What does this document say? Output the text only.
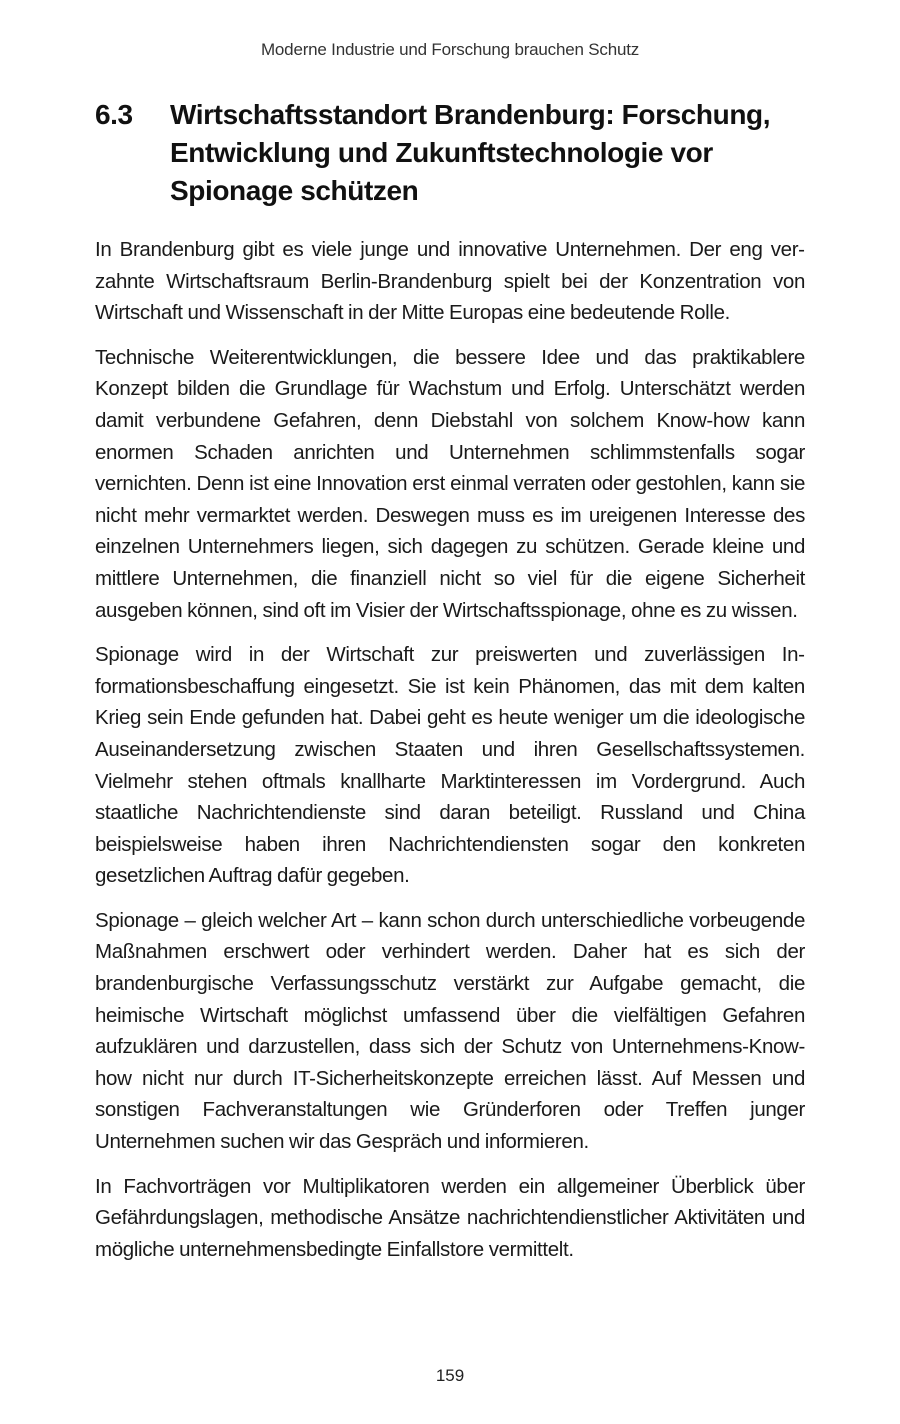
Moderne Industrie und Forschung brauchen Schutz
6.3	Wirtschaftsstandort Brandenburg: Forschung, Entwicklung und Zukunftstechnologie vor Spionage schützen

In Brandenburg gibt es viele junge und innovative Unternehmen. Der eng verzahnte Wirtschaftsraum Berlin-Brandenburg spielt bei der Konzentration von Wirtschaft und Wissenschaft in der Mitte Europas eine bedeutende Rolle.

Technische Weiterentwicklungen, die bessere Idee und das praktikablere Konzept bilden die Grundlage für Wachstum und Erfolg. Unterschätzt werden damit verbundene Gefahren, denn Diebstahl von solchem Know-how kann enormen Schaden anrichten und Unternehmen schlimmstenfalls sogar vernichten. Denn ist eine Innovation erst einmal verraten oder gestohlen, kann sie nicht mehr vermarktet werden. Deswegen muss es im ureigenen Interesse des einzelnen Unternehmers liegen, sich dagegen zu schützen. Gerade kleine und mittlere Unternehmen, die finanziell nicht so viel für die eigene Sicherheit ausgeben können, sind oft im Visier der Wirtschaftsspionage, ohne es zu wissen.

Spionage wird in der Wirtschaft zur preiswerten und zuverlässigen Informationsbeschaffung eingesetzt. Sie ist kein Phänomen, das mit dem kalten Krieg sein Ende gefunden hat. Dabei geht es heute weniger um die ideologische Auseinandersetzung zwischen Staaten und ihren Gesellschaftssystemen. Vielmehr stehen oftmals knallharte Marktinteressen im Vordergrund. Auch staatliche Nachrichtendienste sind daran beteiligt. Russland und China beispielsweise haben ihren Nachrichtendiensten sogar den konkreten gesetzlichen Auftrag dafür gegeben.

Spionage – gleich welcher Art – kann schon durch unterschiedliche vorbeugende Maßnahmen erschwert oder verhindert werden. Daher hat es sich der brandenburgische Verfassungsschutz verstärkt zur Aufgabe gemacht, die heimische Wirtschaft möglichst umfassend über die vielfältigen Gefahren aufzuklären und darzustellen, dass sich der Schutz von Unternehmens-Know-how nicht nur durch IT-Sicherheitskonzepte erreichen lässt. Auf Messen und sonstigen Fachveranstaltungen wie Gründerforen oder Treffen junger Unternehmen suchen wir das Gespräch und informieren.

In Fachvorträgen vor Multiplikatoren werden ein allgemeiner Überblick über Gefährdungslagen, methodische Ansätze nachrichtendienstlicher Aktivitäten und mögliche unternehmensbedingte Einfallstore vermittelt.

159
